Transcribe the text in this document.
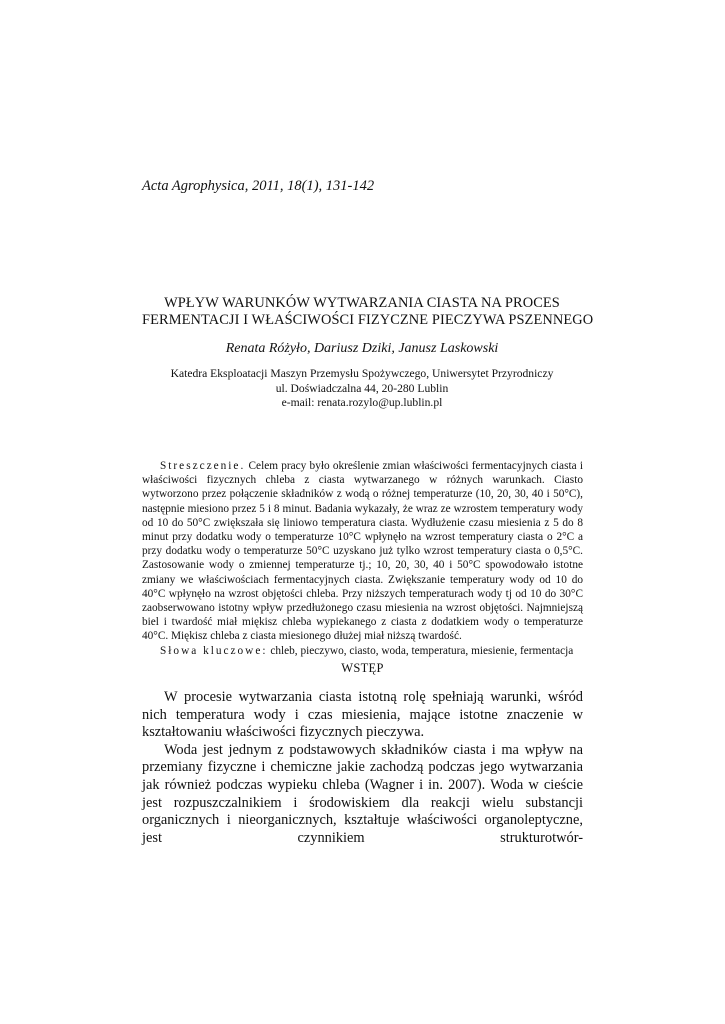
Acta Agrophysica, 2011, 18(1), 131-142
WPŁYW WARUNKÓW WYTWARZANIA CIASTA NA PROCES
FERMENTACJI I WŁAŚCIWOŚCI FIZYCZNE PIECZYWA PSZENNEGO
Renata Różyło, Dariusz Dziki, Janusz Laskowski
Katedra Eksploatacji Maszyn Przemysłu Spożywczego, Uniwersytet Przyrodniczy
ul. Doświadczalna 44, 20-280 Lublin
e-mail: renata.rozylo@up.lublin.pl

Streszczenie. Celem pracy było określenie zmian właściwości fermentacyjnych ciasta i właściwości fizycznych chleba z ciasta wytwarzanego w różnych warunkach. Ciasto wytworzono przez połączenie składników z wodą o różnej temperaturze (10, 20, 30, 40 i 50°C), następnie miesiono przez 5 i 8 minut. Badania wykazały, że wraz ze wzrostem temperatury wody od 10 do 50°C zwiększała się liniowo temperatura ciasta. Wydłużenie czasu miesienia z 5 do 8 minut przy dodatku wody o temperaturze 10°C wpłynęło na wzrost temperatury ciasta o 2°C a przy dodatku wody o temperaturze 50°C uzyskano już tylko wzrost temperatury ciasta o 0,5°C. Zastosowanie wody o zmiennej temperaturze tj.; 10, 20, 30, 40 i 50°C spowodowało istotne zmiany we właściwościach fermentacyjnych ciasta. Zwiększanie temperatury wody od 10 do 40°C wpłynęło na wzrost objętości chleba. Przy niższych temperaturach wody tj od 10 do 30°C zaobserwowano istotny wpływ przedłużonego czasu miesienia na wzrost objętości. Najmniejszą biel i twardość miał miękisz chleba wypiekanego z ciasta z dodatkiem wody o temperaturze 40°C. Miękisz chleba z ciasta miesionego dłużej miał niższą twardość.

Słowa kluczowe: chleb, pieczywo, ciasto, woda, temperatura, miesienie, fermentacja

WSTĘP

W procesie wytwarzania ciasta istotną rolę spełniają warunki, wśród nich temperatura wody i czas miesienia, mające istotne znaczenie w kształtowaniu właściwości fizycznych pieczywa.

Woda jest jednym z podstawowych składników ciasta i ma wpływ na przemiany fizyczne i chemiczne jakie zachodzą podczas jego wytwarzania jak również podczas wypieku chleba (Wagner i in. 2007). Woda w cieście jest rozpuszczalnikiem i środowiskiem dla reakcji wielu substancji organicznych i nieorganicznych, kształtuje właściwości organoleptyczne, jest czynnikiem strukturotwór-
